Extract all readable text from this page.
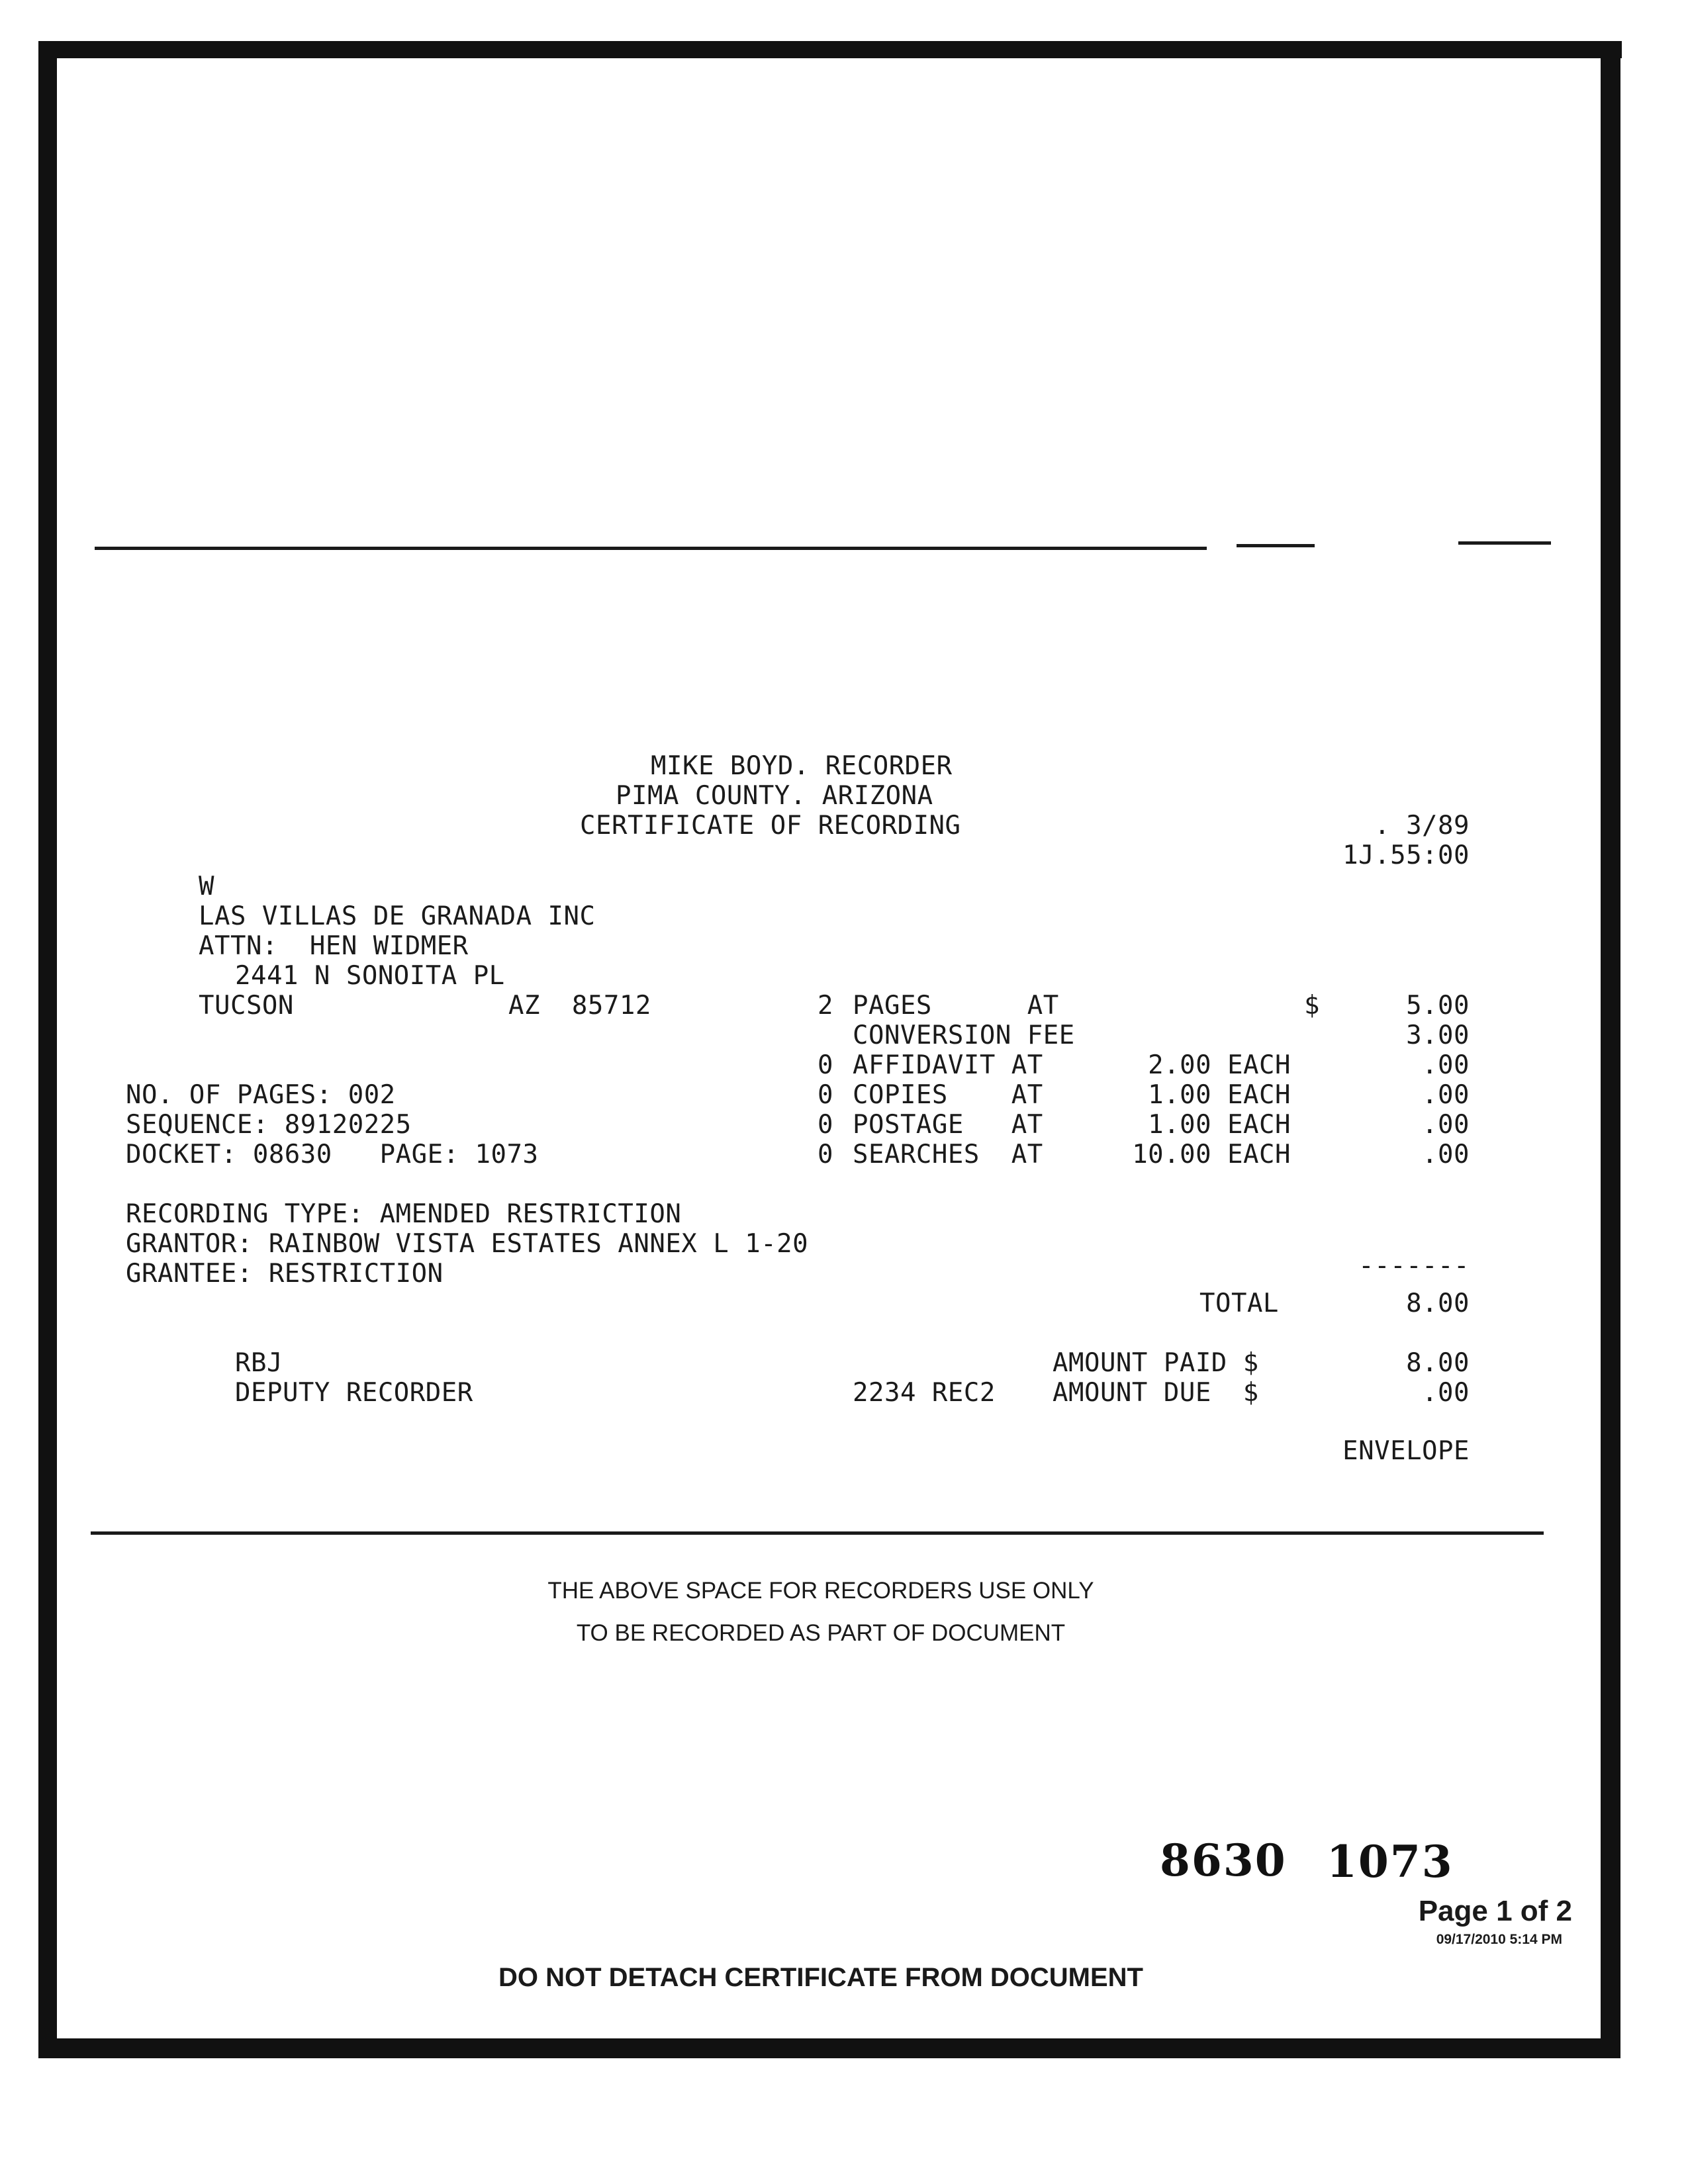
MIKE BOYD. RECORDER
PIMA COUNTY. ARIZONA
CERTIFICATE OF RECORDING	. 3/89
1J.55:00
W
LAS VILLAS DE GRANADA INC
ATTN:  HEN WIDMER
2441 N SONOITA PL
TUCSON	AZ  85712	2 PAGES      AT	$	5.00
CONVERSION FEE	3.00
0 AFFIDAVIT AT	2.00 EACH	.00
0 COPIES    AT	1.00 EACH	.00
0 POSTAGE   AT	1.00 EACH	.00
0 SEARCHES  AT	10.00 EACH	.00
NO. OF PAGES: 002
SEQUENCE: 89120225
DOCKET: 08630   PAGE: 1073
RECORDING TYPE: AMENDED RESTRICTION
GRANTOR: RAINBOW VISTA ESTATES ANNEX L 1-20
GRANTEE: RESTRICTION	-------
TOTAL	8.00
RBJ	AMOUNT PAID $	8.00
DEPUTY RECORDER	2234 REC2 AMOUNT DUE  $	.00
ENVELOPE
THE ABOVE SPACE FOR RECORDERS USE ONLY
TO BE RECORDED AS PART OF DOCUMENT
8630 1073
Page 1 of 2
09/17/2010 5:14 PM
DO NOT DETACH CERTIFICATE FROM DOCUMENT
